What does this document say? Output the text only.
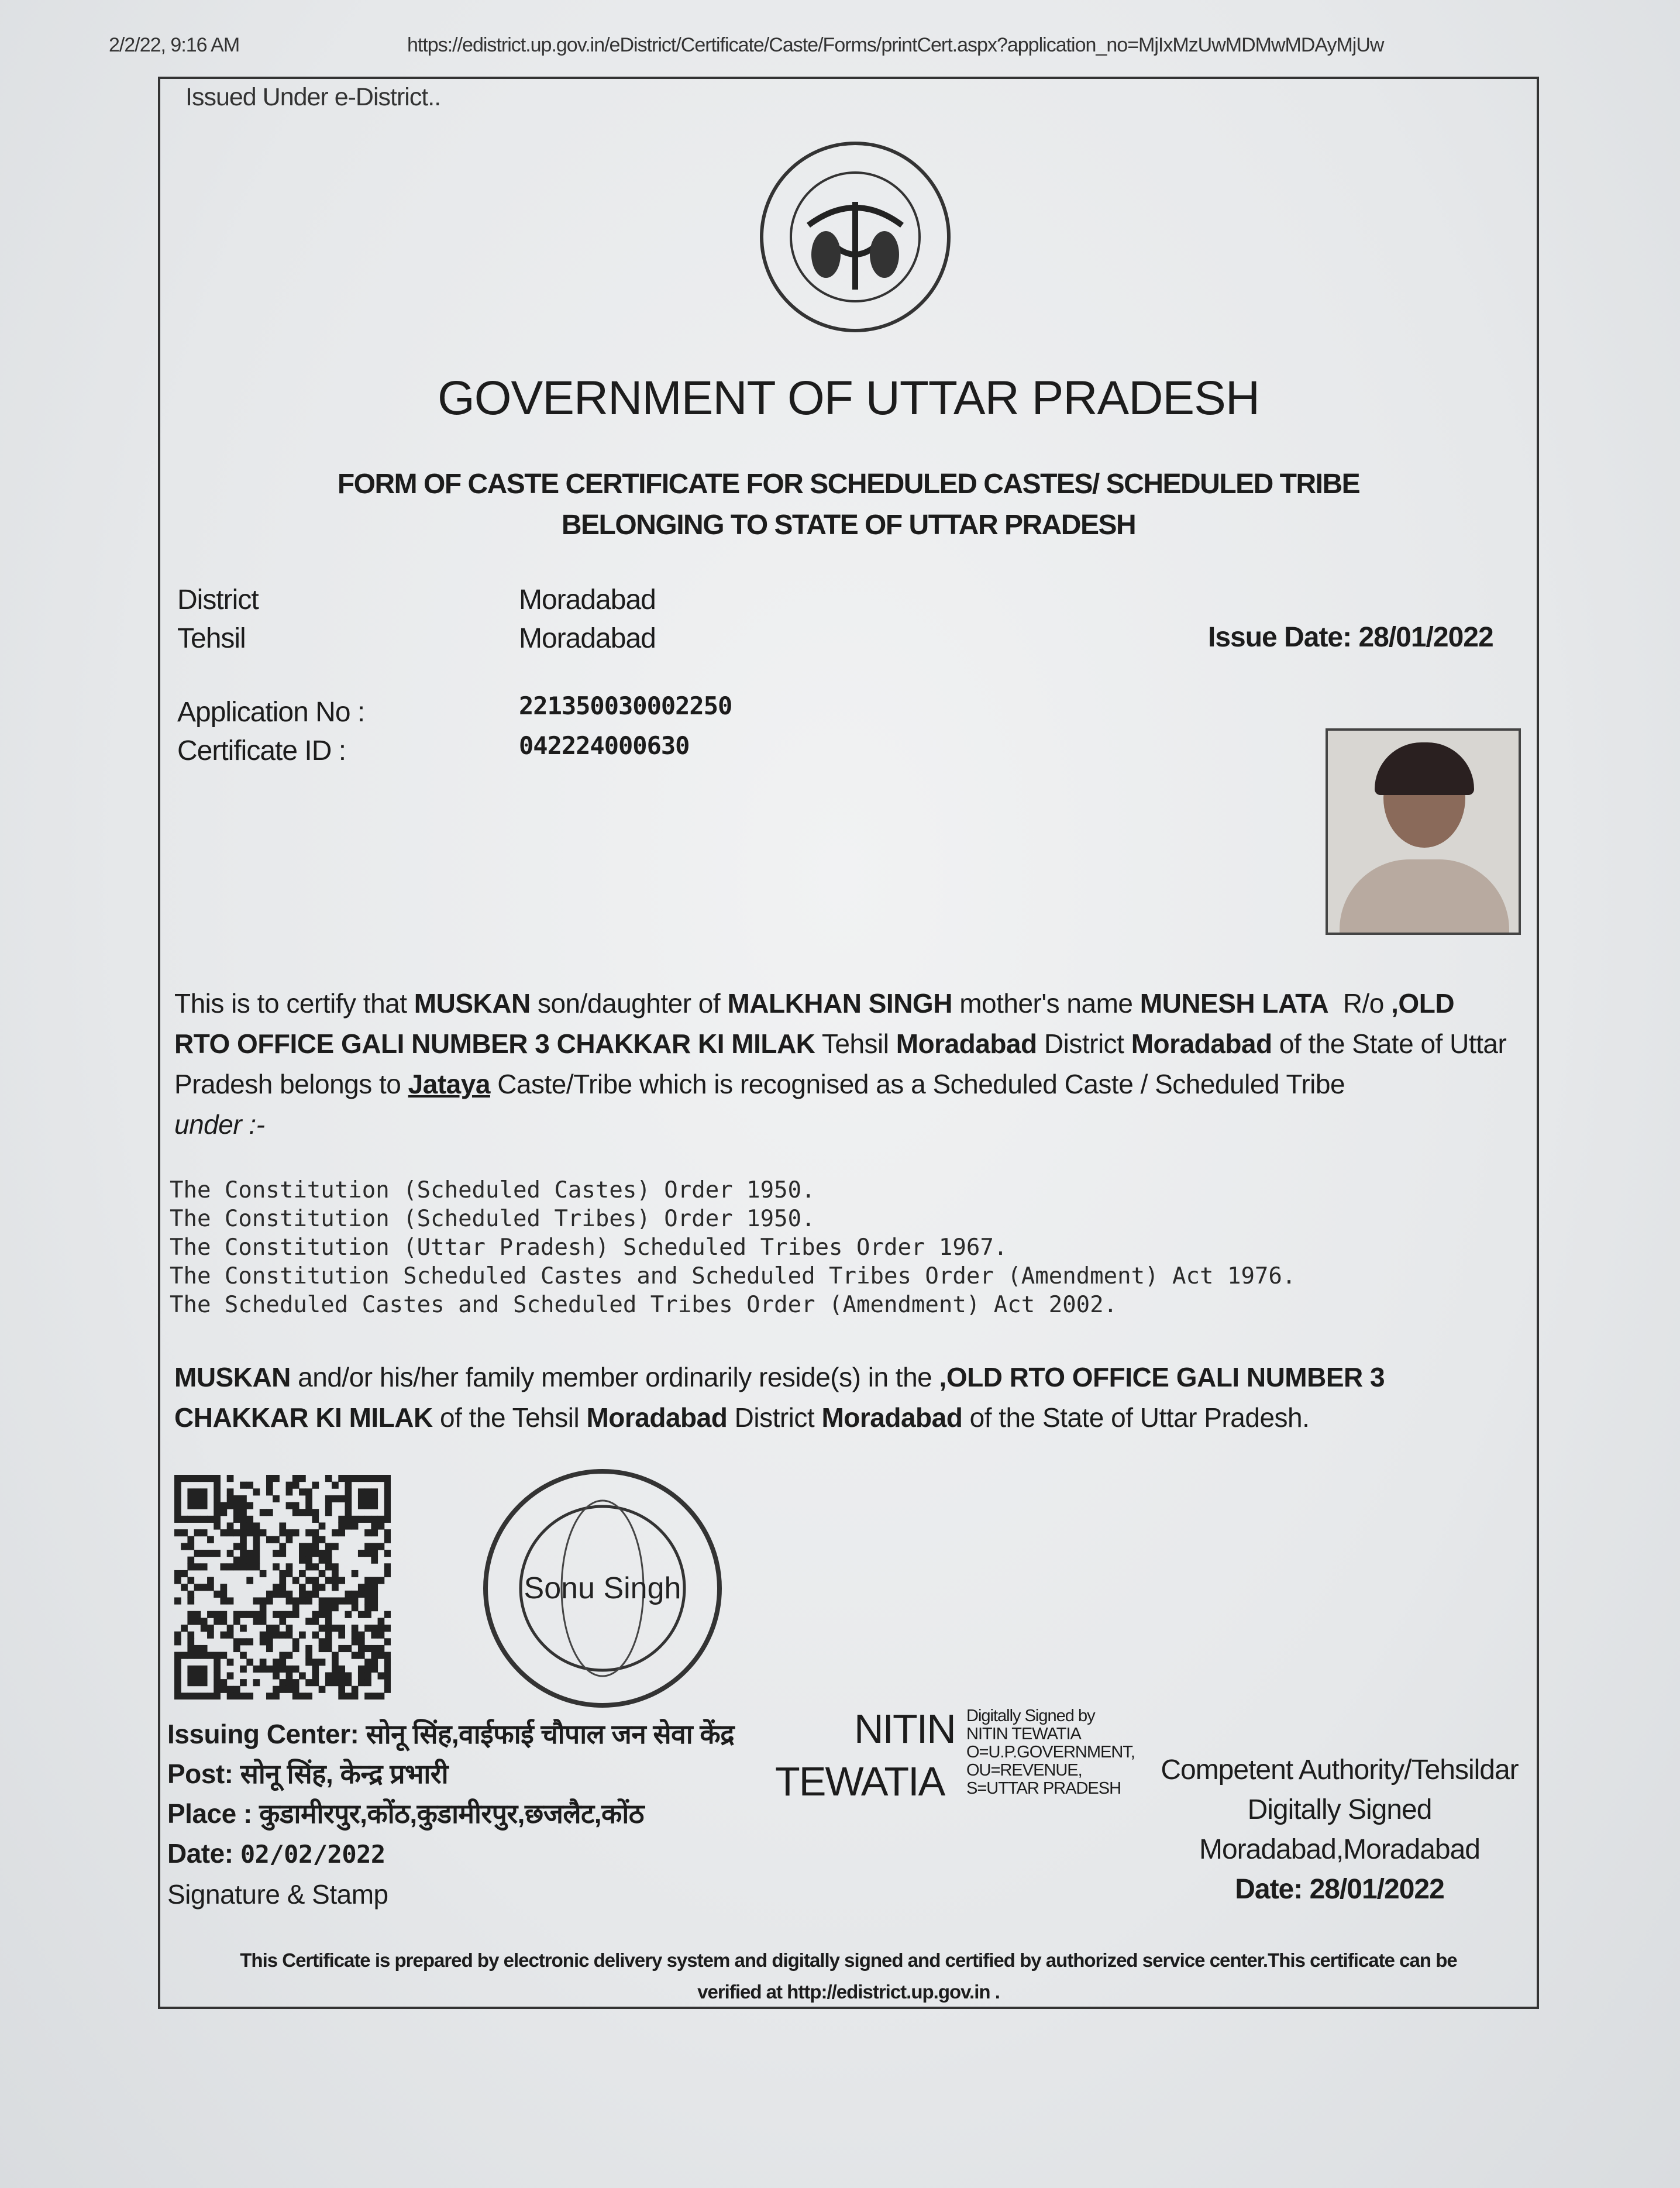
2/2/22, 9:16 AM	https://edistrict.up.gov.in/eDistrict/Certificate/Caste/Forms/printCert.aspx?application_no=MjIxMzUwMDMwMDAyMjUw
Issued Under e-District..
GOVERNMENT OF UTTAR PRADESH
FORM OF CASTE CERTIFICATE FOR SCHEDULED CASTES/ SCHEDULED TRIBE
BELONGING TO STATE OF UTTAR PRADESH
District	Moradabad
Tehsil	Moradabad	Issue Date: 28/01/2022
Application No :	221350030002250
Certificate ID :	042224000630
This is to certify that MUSKAN son/daughter of MALKHAN SINGH mother's name MUNESH LATA R/o ,OLD RTO OFFICE GALI NUMBER 3 CHAKKAR KI MILAK Tehsil Moradabad District Moradabad of the State of Uttar Pradesh belongs to Jataya Caste/Tribe which is recognised as a Scheduled Caste / Scheduled Tribe
under :-
The Constitution (Scheduled Castes) Order 1950.
The Constitution (Scheduled Tribes) Order 1950.
The Constitution (Uttar Pradesh) Scheduled Tribes Order 1967.
The Constitution Scheduled Castes and Scheduled Tribes Order (Amendment) Act 1976.
The Scheduled Castes and Scheduled Tribes Order (Amendment) Act 2002.
MUSKAN and/or his/her family member ordinarily reside(s) in the ,OLD RTO OFFICE GALI NUMBER 3 CHAKKAR KI MILAK of the Tehsil Moradabad District Moradabad of the State of Uttar Pradesh.
Sonu Singh
Issuing Center: सोनू सिंह,वाईफाई चौपाल जन सेवा केंद्र
Post: सोनू सिंह, केन्द्र प्रभारी
Place : कुडामीरपुर,कोंठ,कुडामीरपुर,छजलैट,कोंठ
Date: 02/02/2022
Signature & Stamp
NITIN
TEWATIA
Digitally Signed by
NITIN TEWATIA
O=U.P.GOVERNMENT,
OU=REVENUE,
S=UTTAR PRADESH
Competent Authority/Tehsildar
Digitally Signed
Moradabad,Moradabad
Date: 28/01/2022
This Certificate is prepared by electronic delivery system and digitally signed and certified by authorized service center.This certificate can be
verified at http://edistrict.up.gov.in .
